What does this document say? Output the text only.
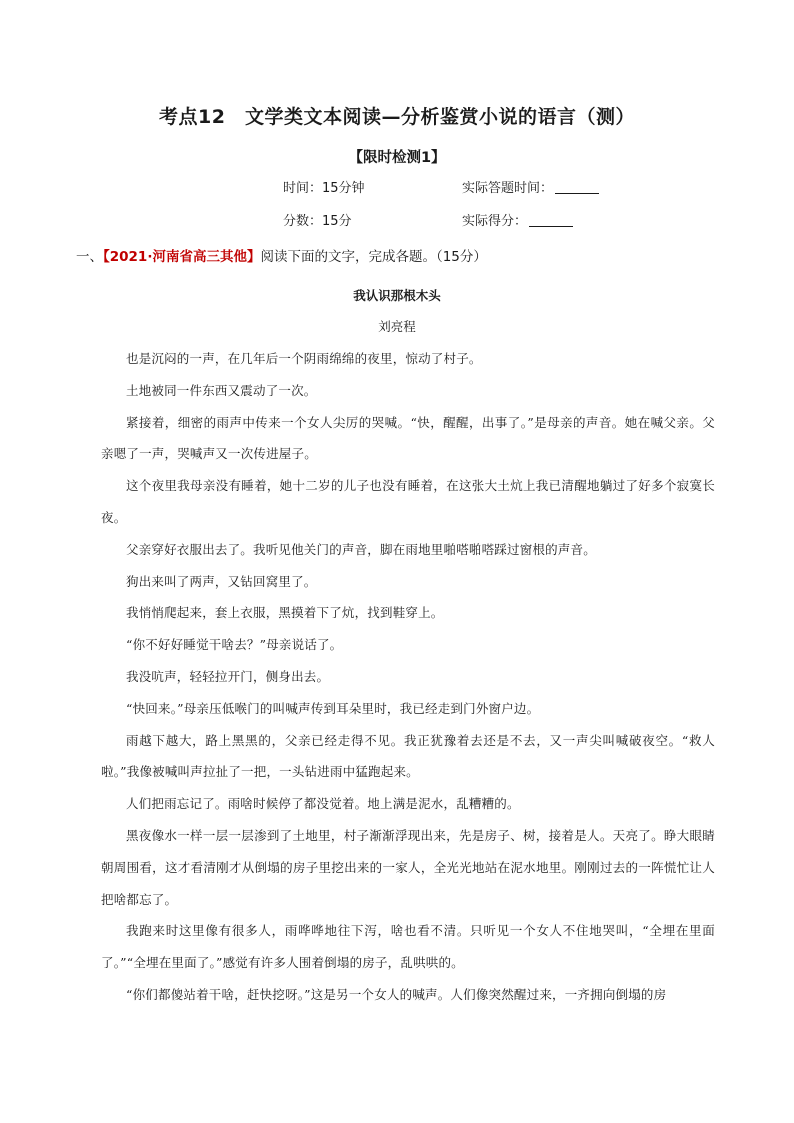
考点12　文学类文本阅读—分析鉴赏小说的语言（测）
【限时检测1】
时间：15分钟	实际答题时间：
分数：15分	实际得分：
一、【2021·河南省高三其他】阅读下面的文字，完成各题。（15分）
我认识那根木头
刘亮程

也是沉闷的一声，在几年后一个阴雨绵绵的夜里，惊动了村子。

土地被同一件东西又震动了一次。

紧接着，细密的雨声中传来一个女人尖厉的哭喊。“快，醒醒，出事了。”是母亲的声音。她在喊父亲。父亲嗯了一声，哭喊声又一次传进屋子。

这个夜里我母亲没有睡着，她十二岁的儿子也没有睡着，在这张大土炕上我已清醒地躺过了好多个寂寞长夜。

父亲穿好衣服出去了。我听见他关门的声音，脚在雨地里啪嗒啪嗒踩过窗根的声音。

狗出来叫了两声，又钻回窝里了。

我悄悄爬起来，套上衣服，黑摸着下了炕，找到鞋穿上。

“你不好好睡觉干啥去？”母亲说话了。

我没吭声，轻轻拉开门，侧身出去。

“快回来。”母亲压低喉门的叫喊声传到耳朵里时，我已经走到门外窗户边。

雨越下越大，路上黑黑的，父亲已经走得不见。我正犹豫着去还是不去，又一声尖叫喊破夜空。“救人啦。”我像被喊叫声拉扯了一把，一头钻进雨中猛跑起来。

人们把雨忘记了。雨啥时候停了都没觉着。地上满是泥水，乱糟糟的。

黑夜像水一样一层一层渗到了土地里，村子渐渐浮现出来，先是房子、树，接着是人。天亮了。睁大眼睛朝周围看，这才看清刚才从倒塌的房子里挖出来的一家人，全光光地站在泥水地里。刚刚过去的一阵慌忙让人把啥都忘了。

我跑来时这里像有很多人，雨哗哗地往下泻，啥也看不清。只听见一个女人不住地哭叫，“全埋在里面了。”“全埋在里面了。”感觉有许多人围着倒塌的房子，乱哄哄的。

“你们都傻站着干啥，赶快挖呀。”这是另一个女人的喊声。人们像突然醒过来，一齐拥向倒塌的房
